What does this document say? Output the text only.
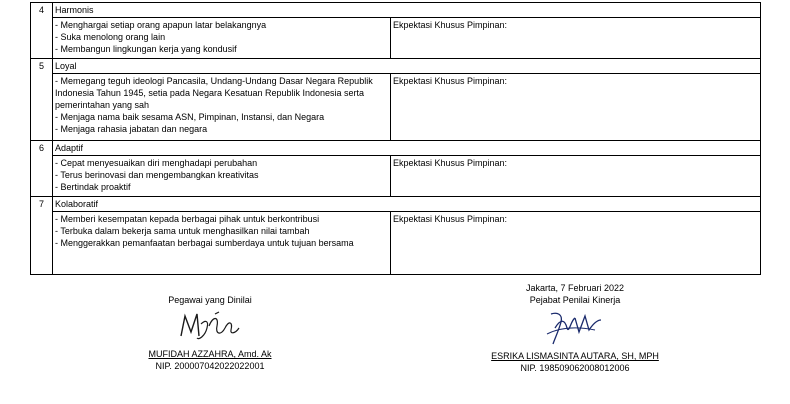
4	Harmonis	

	- Menghargai setiap orang apapun latar belakangnya
- Suka menolong orang lain
- Membangun lingkungan kerja yang kondusif	Ekpektasi Khusus Pimpinan:
5	Loyal	

	- Memegang teguh ideologi Pancasila, Undang-Undang Dasar Negara Republik
Indonesia Tahun 1945, setia pada Negara Kesatuan Republik Indonesia serta
pemerintahan yang sah
- Menjaga nama baik sesama ASN, Pimpinan, Instansi, dan Negara
- Menjaga rahasia jabatan dan negara	Ekpektasi Khusus Pimpinan:
6	Adaptif	

	- Cepat menyesuaikan diri menghadapi perubahan
- Terus berinovasi dan mengembangkan kreativitas
- Bertindak proaktif	Ekpektasi Khusus Pimpinan:
7	Kolaboratif	

	- Memberi kesempatan kepada berbagai pihak untuk berkontribusi
- Terbuka dalam bekerja sama untuk menghasilkan nilai tambah
- Menggerakkan pemanfaatan berbagai sumberdaya untuk tujuan bersama	Ekpektasi Khusus Pimpinan:
Pegawai yang Dinilai
MUFIDAH AZZAHRA, Amd. Ak
NIP. 200007042022022001
Jakarta, 7 Februari 2022
Pejabat Penilai Kinerja
ESRIKA LISMASINTA AUTARA, SH, MPH
NIP. 198509062008012006
